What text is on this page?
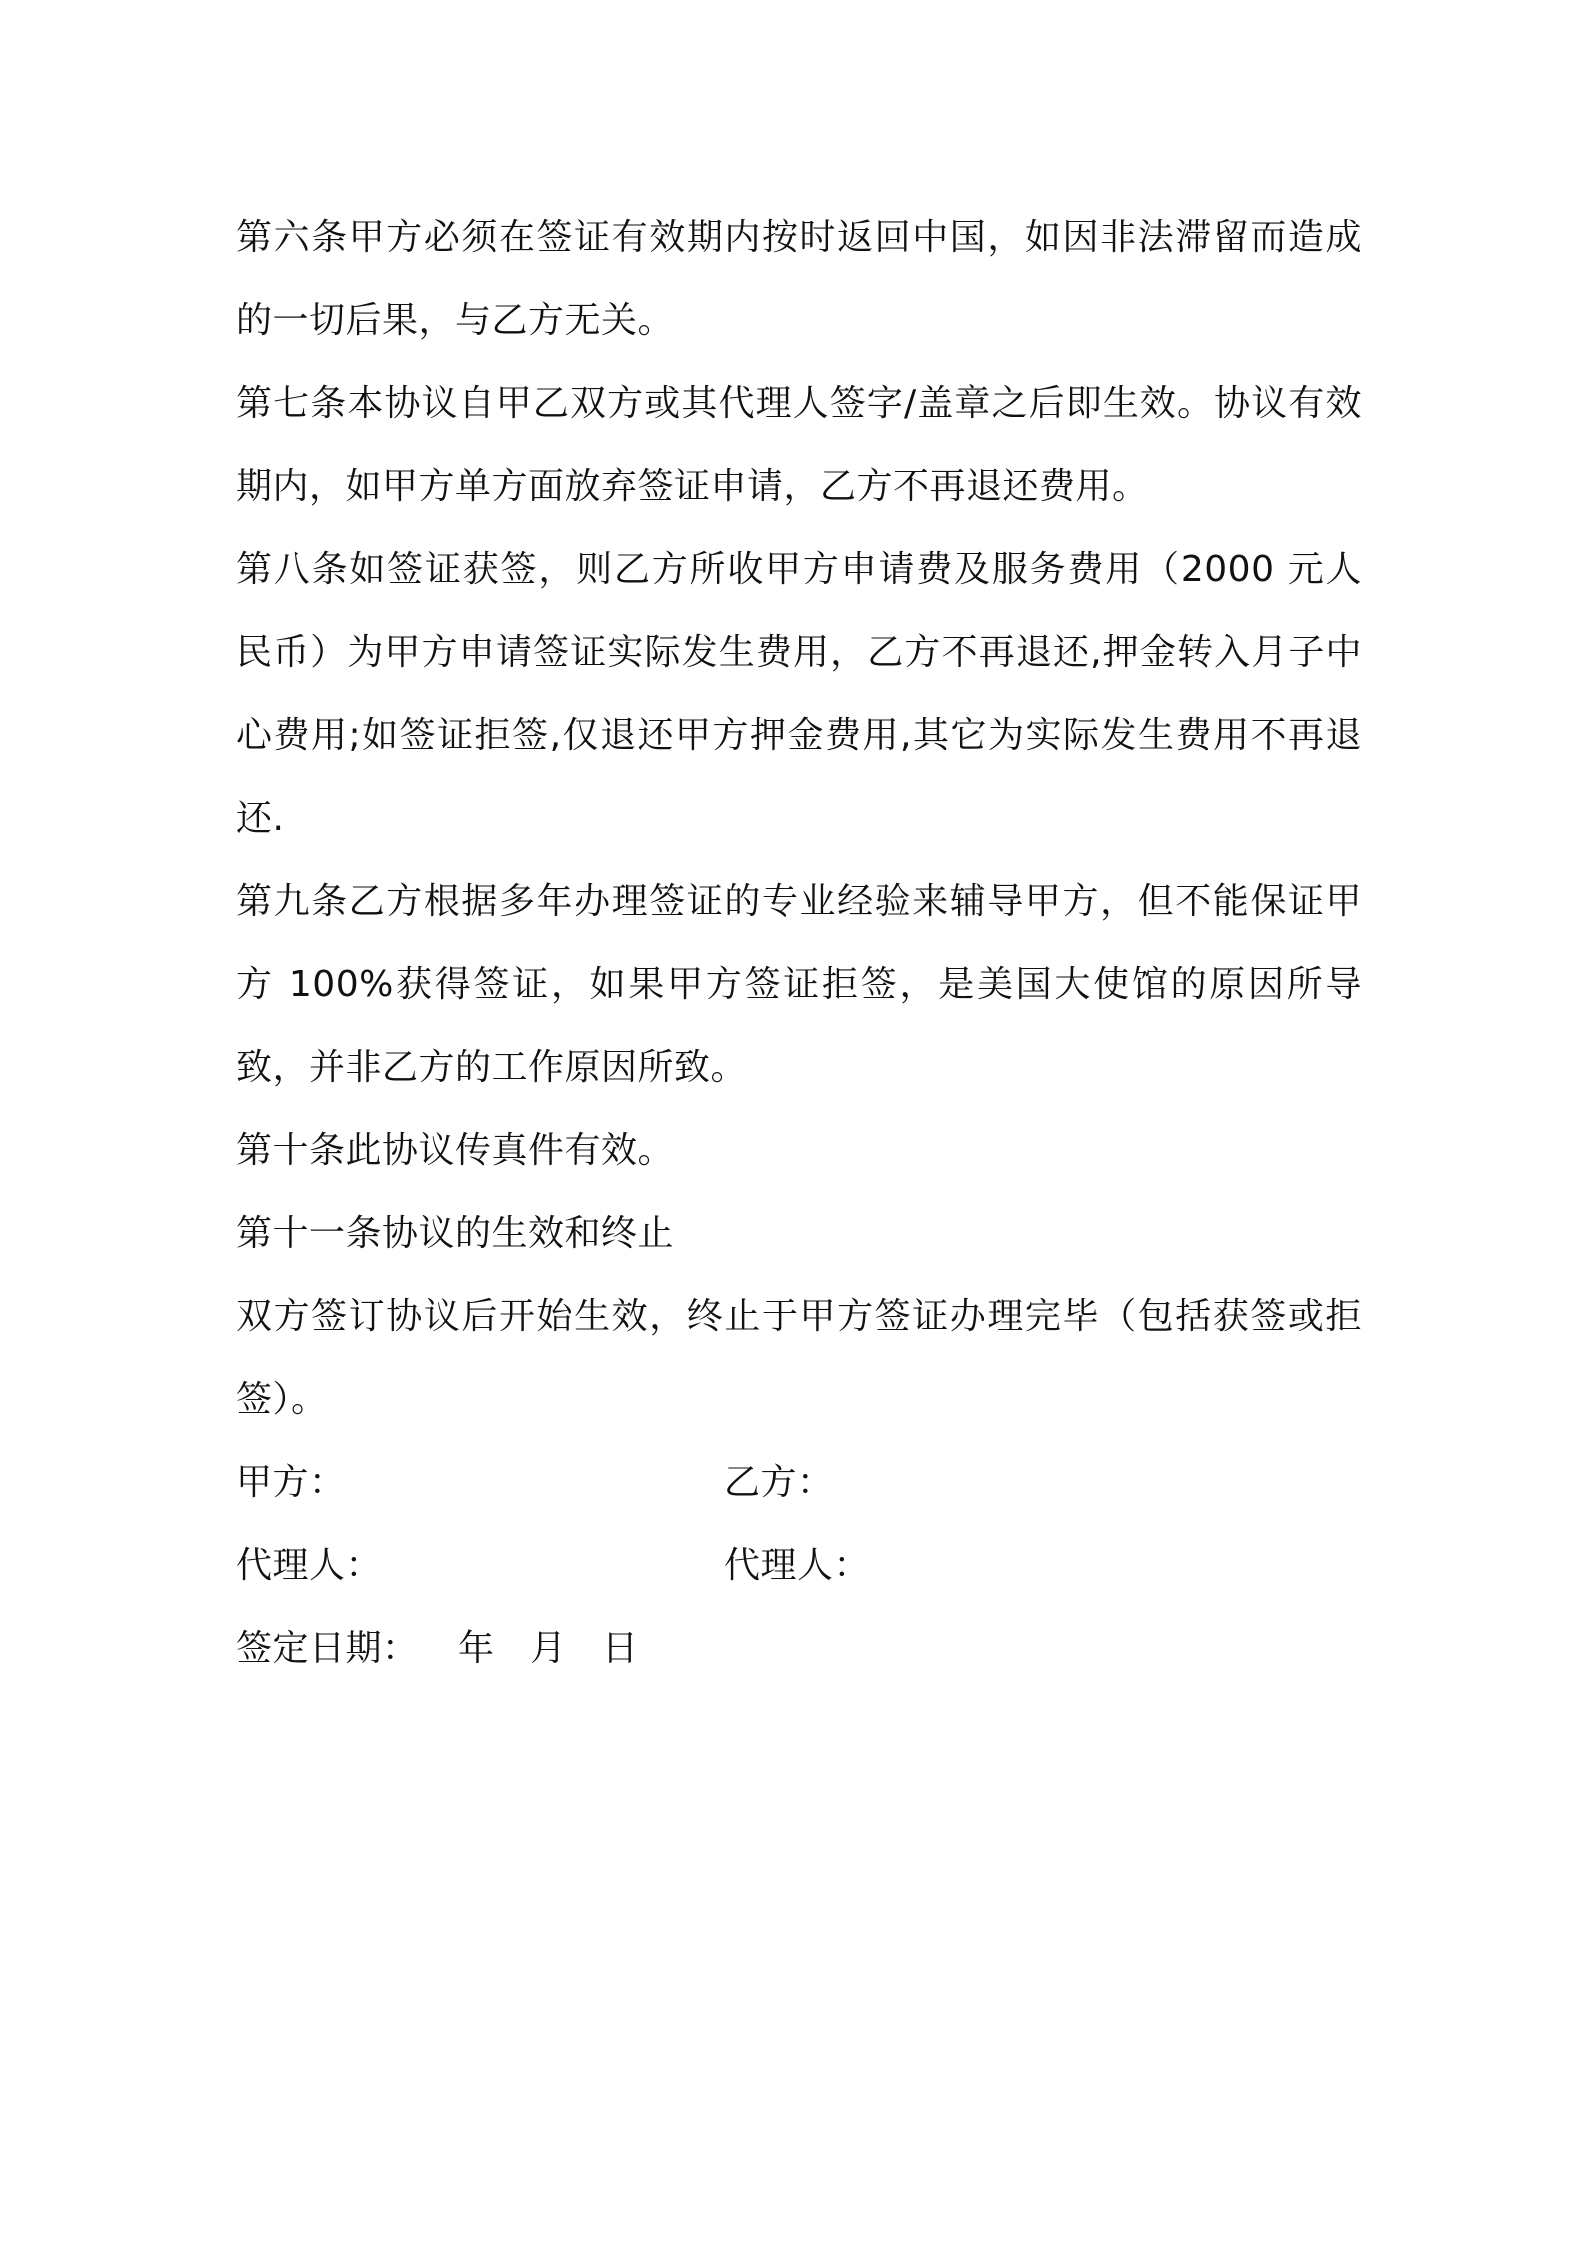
第六条甲方必须在签证有效期内按时返回中国，如因非法滞留而造成的一切后果，与乙方无关。

第七条本协议自甲乙双方或其代理人签字/盖章之后即生效。协议有效期内，如甲方单方面放弃签证申请，乙方不再退还费用。

第八条如签证获签，则乙方所收甲方申请费及服务费用（2000 元人民币）为甲方申请签证实际发生费用，乙方不再退还,押金转入月子中心费用;如签证拒签,仅退还甲方押金费用,其它为实际发生费用不再退还.

第九条乙方根据多年办理签证的专业经验来辅导甲方，但不能保证甲方 100%获得签证，如果甲方签证拒签，是美国大使馆的原因所导致，并非乙方的工作原因所致。

第十条此协议传真件有效。

第十一条协议的生效和终止

双方签订协议后开始生效，终止于甲方签证办理完毕（包括获签或拒签）。

甲方：	乙方：
代理人：	代理人：
签定日期：	年 月 日
